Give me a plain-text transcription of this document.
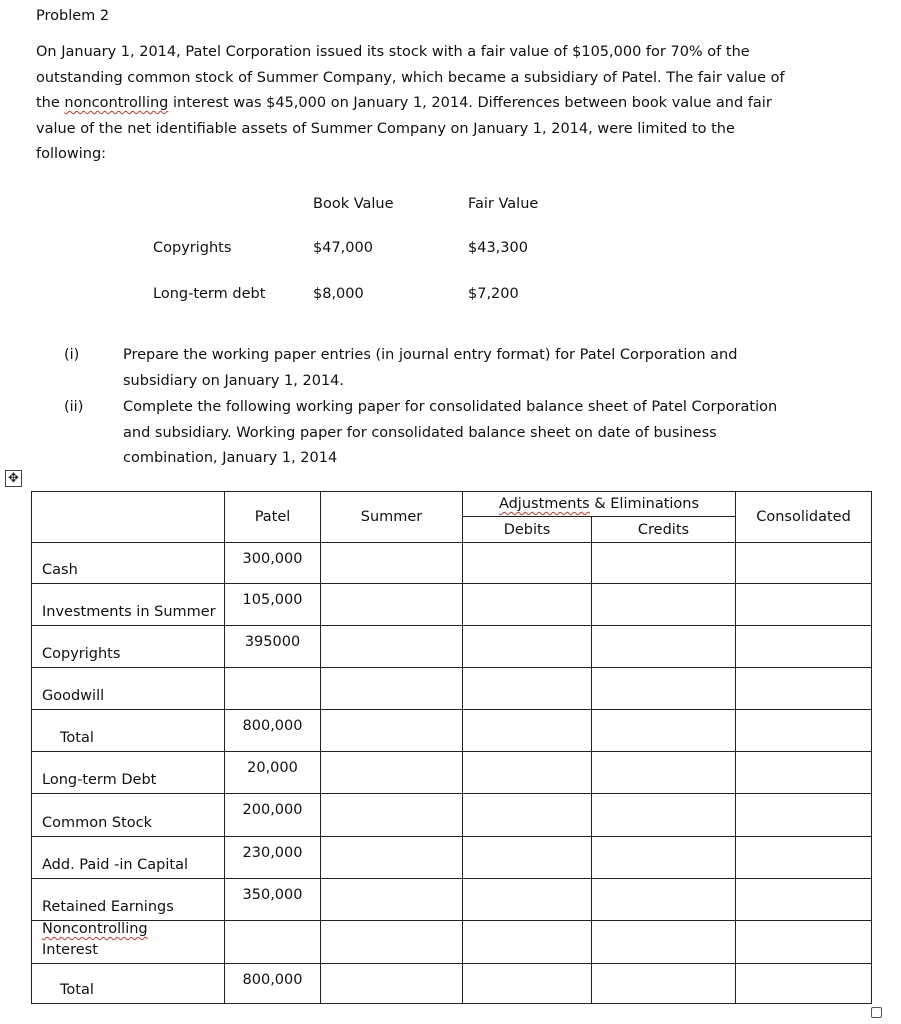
Problem 2
On January 1, 2014, Patel Corporation issued its stock with a fair value of $105,000 for 70% of the
outstanding common stock of Summer Company, which became a subsidiary of Patel. The fair value of
the noncontrolling interest was $45,000 on January 1, 2014. Differences between book value and fair
value of the net identifiable assets of Summer Company on January 1, 2014, were limited to the
following:
Book Value	Fair Value
Copyrights	$47,000	$43,300
Long-term debt	$8,000	$7,200
(i)	Prepare the working paper entries (in journal entry format) for Patel Corporation and
subsidiary on January 1, 2014.
(ii)	Complete the following working paper for consolidated balance sheet of Patel Corporation
and subsidiary. Working paper for consolidated balance sheet on date of business
combination, January 1, 2014
✥
	Patel	Summer	Adjustments & Eliminations		Consolidated
			Debits	Credits	

Cash	300,000				

Investments in Summer	105,000				

Copyrights	395000				

Goodwill					

Total	800,000				

Long-term Debt	20,000				

Common Stock	200,000				

Add. Paid -in Capital	230,000				

Retained Earnings	350,000				

Noncontrolling
Interest					

Total	800,000				
